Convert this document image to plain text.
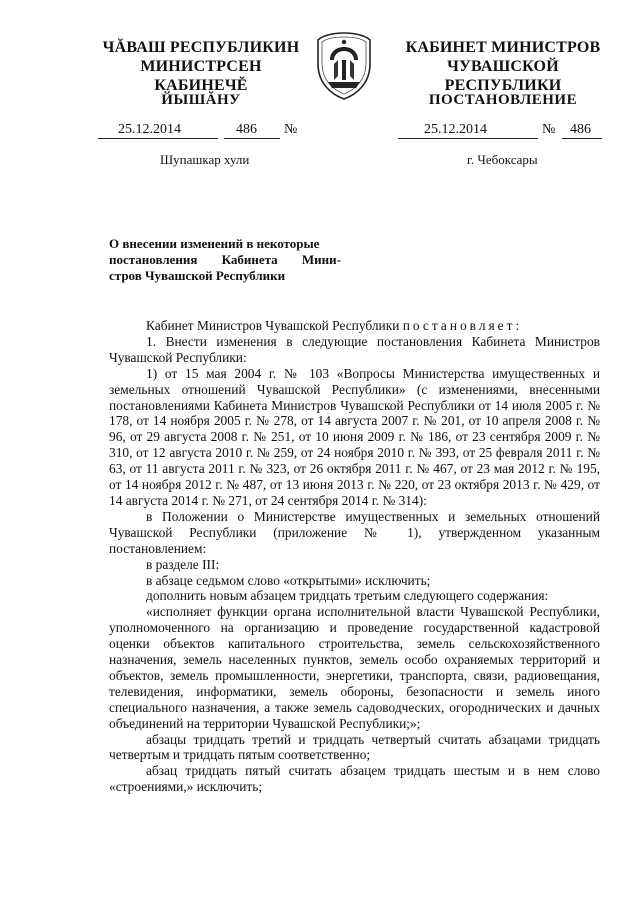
ЧĂВАШ РЕСПУБЛИКИН
МИНИСТРСЕН КАБИНЕЧĔ
ЙЫШĂНУ
КАБИНЕТ МИНИСТРОВ
ЧУВАШСКОЙ РЕСПУБЛИКИ
ПОСТАНОВЛЕНИЕ
25.12.2014	486 №	25.12.2014	№ 486
Шупашкар хули	г. Чебоксары
О внесении изменений в некоторые
постановления Кабинета Мини-
стров Чувашской Республики

Кабинет Министров Чувашской Республики постановляет:

1. Внести изменения в следующие постановления Кабинета Министров Чувашской Республики:

1) от 15 мая 2004 г. № 103 «Вопросы Министерства имущественных и земельных отношений Чувашской Республики» (с изменениями, внесенными постановлениями Кабинета Министров Чувашской Республики от 14 июля 2005 г. № 178, от 14 ноября 2005 г. № 278, от 14 августа 2007 г. № 201, от 10 апреля 2008 г. № 96, от 29 августа 2008 г. № 251, от 10 июня 2009 г. № 186, от 23 сентября 2009 г. № 310, от 12 августа 2010 г. № 259, от 24 ноября 2010 г. № 393, от 25 февраля 2011 г. № 63, от 11 августа 2011 г. № 323, от 26 октября 2011 г. № 467, от 23 мая 2012 г. № 195, от 14 ноября 2012 г. № 487, от 13 июня 2013 г. № 220, от 23 октября 2013 г. № 429, от 14 августа 2014 г. № 271, от 24 сентября 2014 г. № 314):

в Положении о Министерстве имущественных и земельных отношений Чувашской Республики (приложение № 1), утвержденном указанным постановлением:

в разделе III:

в абзаце седьмом слово «открытыми» исключить;

дополнить новым абзацем тридцать третьим следующего содержания:

«исполняет функции органа исполнительной власти Чувашской Республики, уполномоченного на организацию и проведение государственной кадастровой оценки объектов капитального строительства, земель сельскохозяйственного назначения, земель населенных пунктов, земель особо охраняемых территорий и объектов, земель промышленности, энергетики, транспорта, связи, радиовещания, телевидения, информатики, земель обороны, безопасности и земель иного специального назначения, а также земель садоводческих, огороднических и дачных объединений на территории Чувашской Республики;»;

абзацы тридцать третий и тридцать четвертый считать абзацами тридцать четвертым и тридцать пятым соответственно;

абзац тридцать пятый считать абзацем тридцать шестым и в нем слово «строениями,» исключить;
